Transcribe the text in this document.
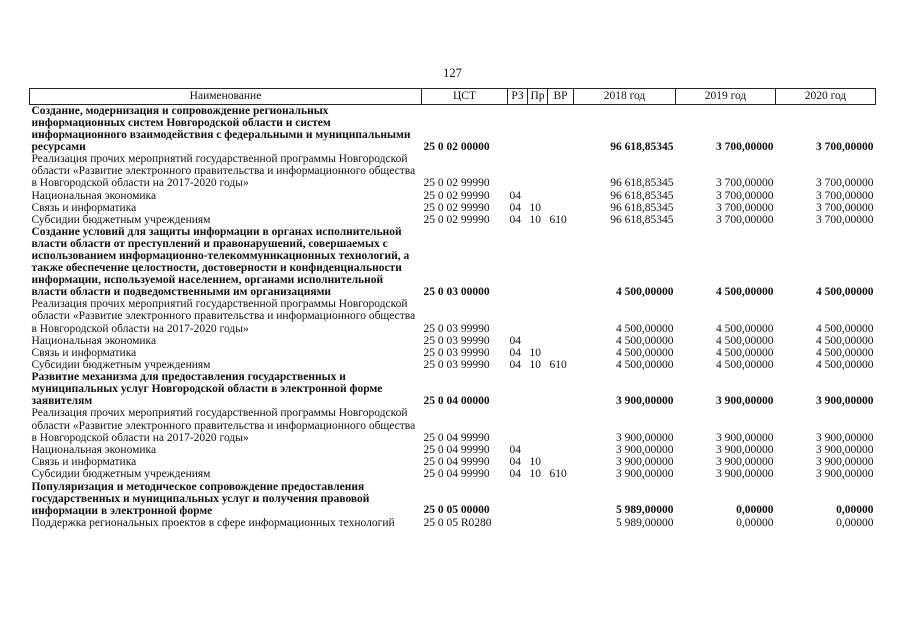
127
Наименование	ЦСТ	РЗ	Пр	ВР	2018 год	2019 год	2020 год
Создание, модернизация и сопровождение региональных информационных систем Новгородской области и систем информационного взаимодействия с федеральными и муниципальными ресурсами	25 0 02 00000				96 618,85345	3 700,00000	3 700,00000
Реализация прочих мероприятий государственной программы Новгородской области «Развитие электронного правительства и информационного общества в Новгородской области на 2017-2020 годы»	25 0 02 99990				96 618,85345	3 700,00000	3 700,00000
Национальная экономика	25 0 02 99990	04			96 618,85345	3 700,00000	3 700,00000
Связь и информатика	25 0 02 99990	04	10		96 618,85345	3 700,00000	3 700,00000
Субсидии бюджетным учреждениям	25 0 02 99990	04	10	610	96 618,85345	3 700,00000	3 700,00000
Создание условий для защиты информации в органах исполнительной власти области от преступлений и правонарушений, совершаемых с использованием информационно-телекоммуникационных технологий, а также обеспечение целостности, достоверности и конфиденциальности информации, используемой населением, органами исполнительной власти области и подведомственными им организациями	25 0 03 00000				4 500,00000	4 500,00000	4 500,00000
Реализация прочих мероприятий государственной программы Новгородской области «Развитие электронного правительства и информационного общества в Новгородской области на 2017-2020 годы»	25 0 03 99990				4 500,00000	4 500,00000	4 500,00000
Национальная экономика	25 0 03 99990	04			4 500,00000	4 500,00000	4 500,00000
Связь и информатика	25 0 03 99990	04	10		4 500,00000	4 500,00000	4 500,00000
Субсидии бюджетным учреждениям	25 0 03 99990	04	10	610	4 500,00000	4 500,00000	4 500,00000
Развитие механизма для предоставления государственных и муниципальных услуг Новгородской области в электронной форме заявителям	25 0 04 00000				3 900,00000	3 900,00000	3 900,00000
Реализация прочих мероприятий государственной программы Новгородской области «Развитие электронного правительства и информационного общества в Новгородской области на 2017-2020 годы»	25 0 04 99990				3 900,00000	3 900,00000	3 900,00000
Национальная экономика	25 0 04 99990	04			3 900,00000	3 900,00000	3 900,00000
Связь и информатика	25 0 04 99990	04	10		3 900,00000	3 900,00000	3 900,00000
Субсидии бюджетным учреждениям	25 0 04 99990	04	10	610	3 900,00000	3 900,00000	3 900,00000
Популяризация и методическое сопровождение предоставления государственных и муниципальных услуг и получения правовой информации в электронной форме	25 0 05 00000				5 989,00000	0,00000	0,00000
Поддержка региональных проектов в сфере информационных технологий	25 0 05 R0280				5 989,00000	0,00000	0,00000
